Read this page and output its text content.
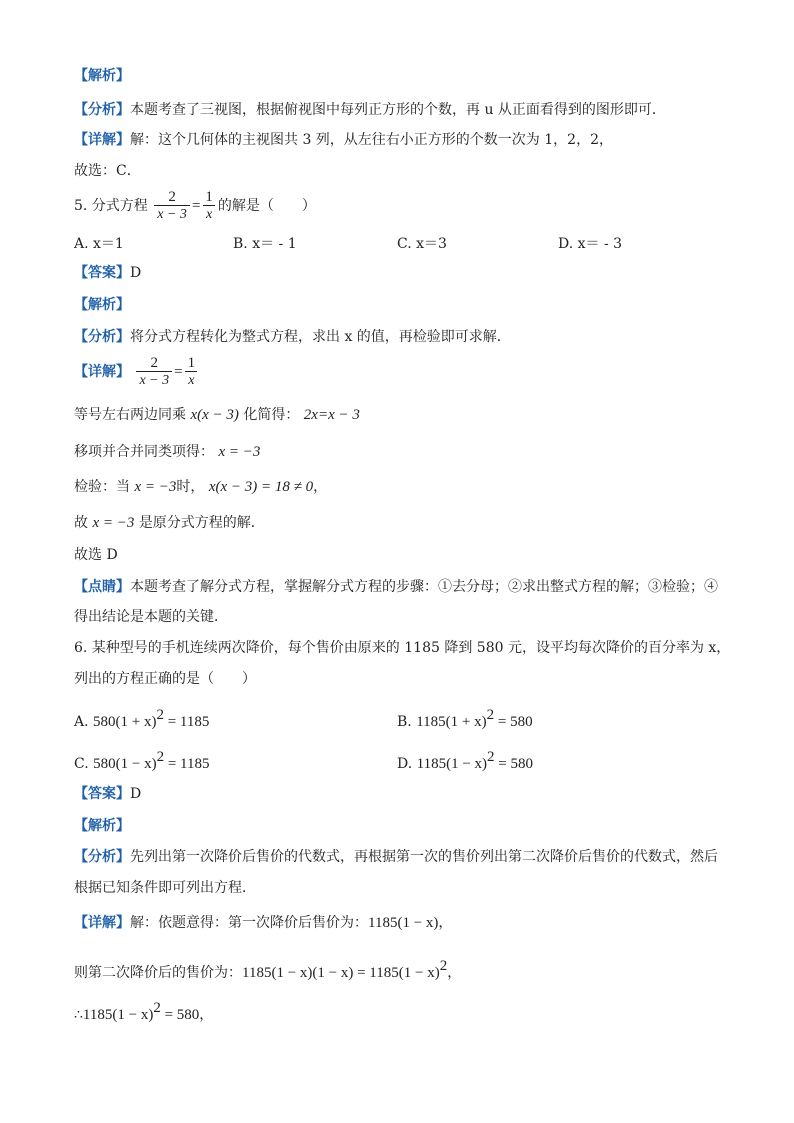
【解析】
【分析】本题考查了三视图，根据俯视图中每列正方形的个数，再 u 从正面看得到的图形即可．
【详解】解：这个几何体的主视图共 3 列，从左往右小正方形的个数一次为 1，2，2，
故选：C．
5. 分式方程 $\frac{2}{x - 3} = \frac{1}{x}$ 的解是（　　）
A. x＝1	B. x＝ - 1	C. x＝3	D. x＝ - 3
【答案】D
【解析】
【分析】将分式方程转化为整式方程，求出 x 的值，再检验即可求解．
【详解】 $\frac{2}{x - 3} = \frac{1}{x}$
等号左右两边同乘 x(x − 3) 化简得： 2x=x − 3
移项并合并同类项得： x = −3
检验：当 x = −3时， x(x − 3) = 18 ≠ 0，
故 x = −3 是原分式方程的解．
故选 D
【点睛】本题考查了解分式方程，掌握解分式方程的步骤：①去分母；②求出整式方程的解；③检验；④
得出结论是本题的关键．
6. 某种型号的手机连续两次降价，每个售价由原来的 1185 降到 580 元，设平均每次降价的百分率为 x，
列出的方程正确的是（　　）
A. $580(1 + x)^2 = 1185$	B. $1185(1 + x)^2 = 580$
C. $580(1 - x)^2 = 1185$	D. $1185(1 - x)^2 = 580$
【答案】D
【解析】
【分析】先列出第一次降价后售价的代数式，再根据第一次的售价列出第二次降价后售价的代数式，然后
根据已知条件即可列出方程．
【详解】解：依题意得：第一次降价后售价为：1185(1 − x)，
则第二次降价后的售价为：$1185(1 - x)(1 - x) = 1185(1 - x)^2$，
∴1185(1 − x)$^2$ = 580，
